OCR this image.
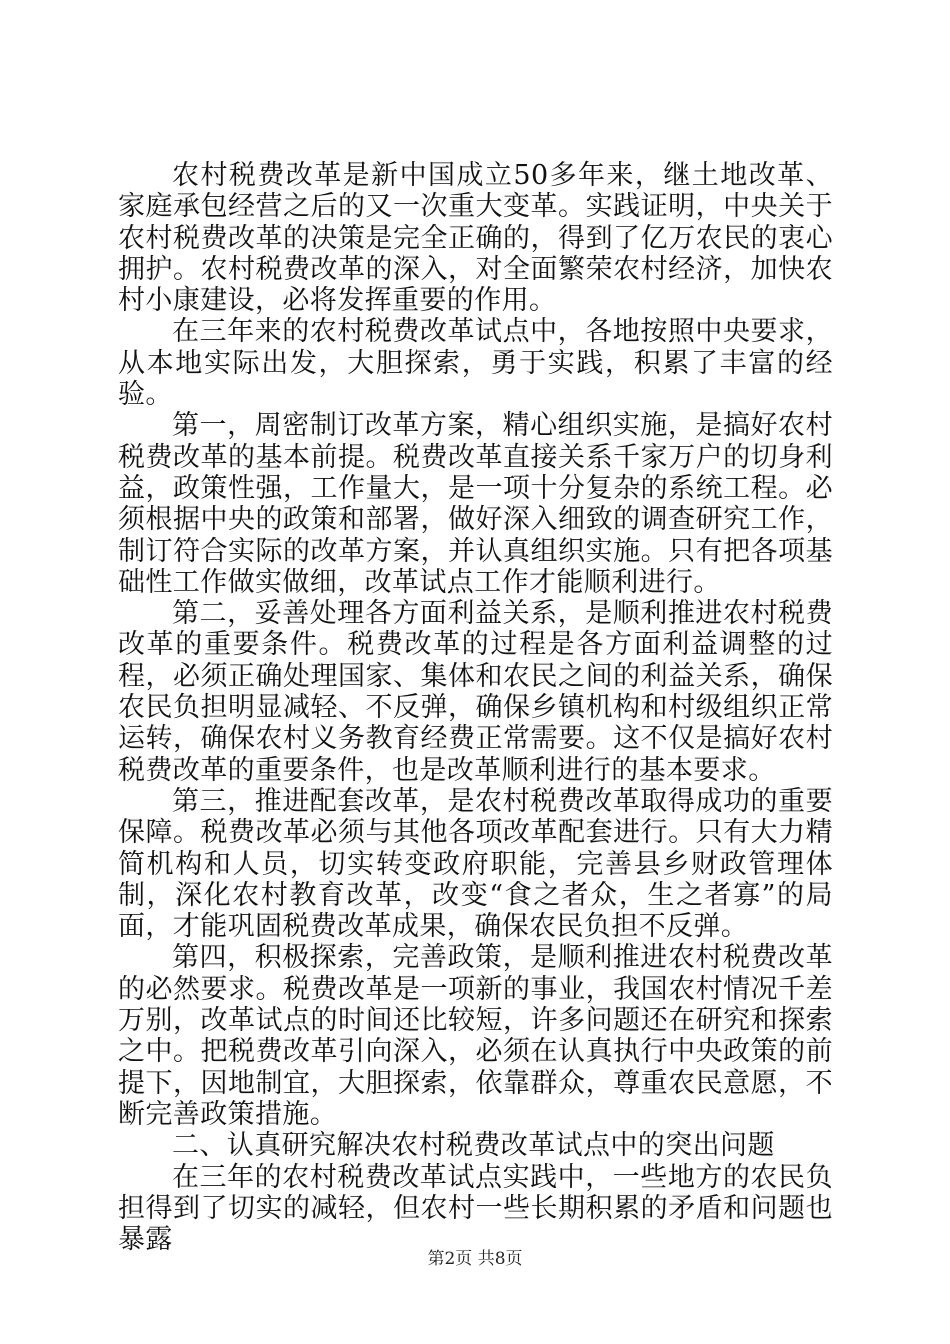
农村税费改革是新中国成立50多年来，继土地改革、家庭承包经营之后的又一次重大变革。实践证明，中央关于农村税费改革的决策是完全正确的，得到了亿万农民的衷心拥护。农村税费改革的深入，对全面繁荣农村经济，加快农村小康建设，必将发挥重要的作用。

在三年来的农村税费改革试点中，各地按照中央要求，从本地实际出发，大胆探索，勇于实践，积累了丰富的经验。

第一，周密制订改革方案，精心组织实施，是搞好农村税费改革的基本前提。税费改革直接关系千家万户的切身利益，政策性强，工作量大，是一项十分复杂的系统工程。必须根据中央的政策和部署，做好深入细致的调查研究工作，制订符合实际的改革方案，并认真组织实施。只有把各项基础性工作做实做细，改革试点工作才能顺利进行。

第二，妥善处理各方面利益关系，是顺利推进农村税费改革的重要条件。税费改革的过程是各方面利益调整的过程，必须正确处理国家、集体和农民之间的利益关系，确保农民负担明显减轻、不反弹，确保乡镇机构和村级组织正常运转，确保农村义务教育经费正常需要。这不仅是搞好农村税费改革的重要条件，也是改革顺利进行的基本要求。

第三，推进配套改革，是农村税费改革取得成功的重要保障。税费改革必须与其他各项改革配套进行。只有大力精简机构和人员，切实转变政府职能，完善县乡财政管理体制，深化农村教育改革，改变“食之者众，生之者寡”的局面，才能巩固税费改革成果，确保农民负担不反弹。

第四，积极探索，完善政策，是顺利推进农村税费改革的必然要求。税费改革是一项新的事业，我国农村情况千差万别，改革试点的时间还比较短，许多问题还在研究和探索之中。把税费改革引向深入，必须在认真执行中央政策的前提下，因地制宜，大胆探索，依靠群众，尊重农民意愿，不断完善政策措施。

二、认真研究解决农村税费改革试点中的突出问题

在三年的农村税费改革试点实践中，一些地方的农民负担得到了切实的减轻，但农村一些长期积累的矛盾和问题也暴露

第2页 共8页
